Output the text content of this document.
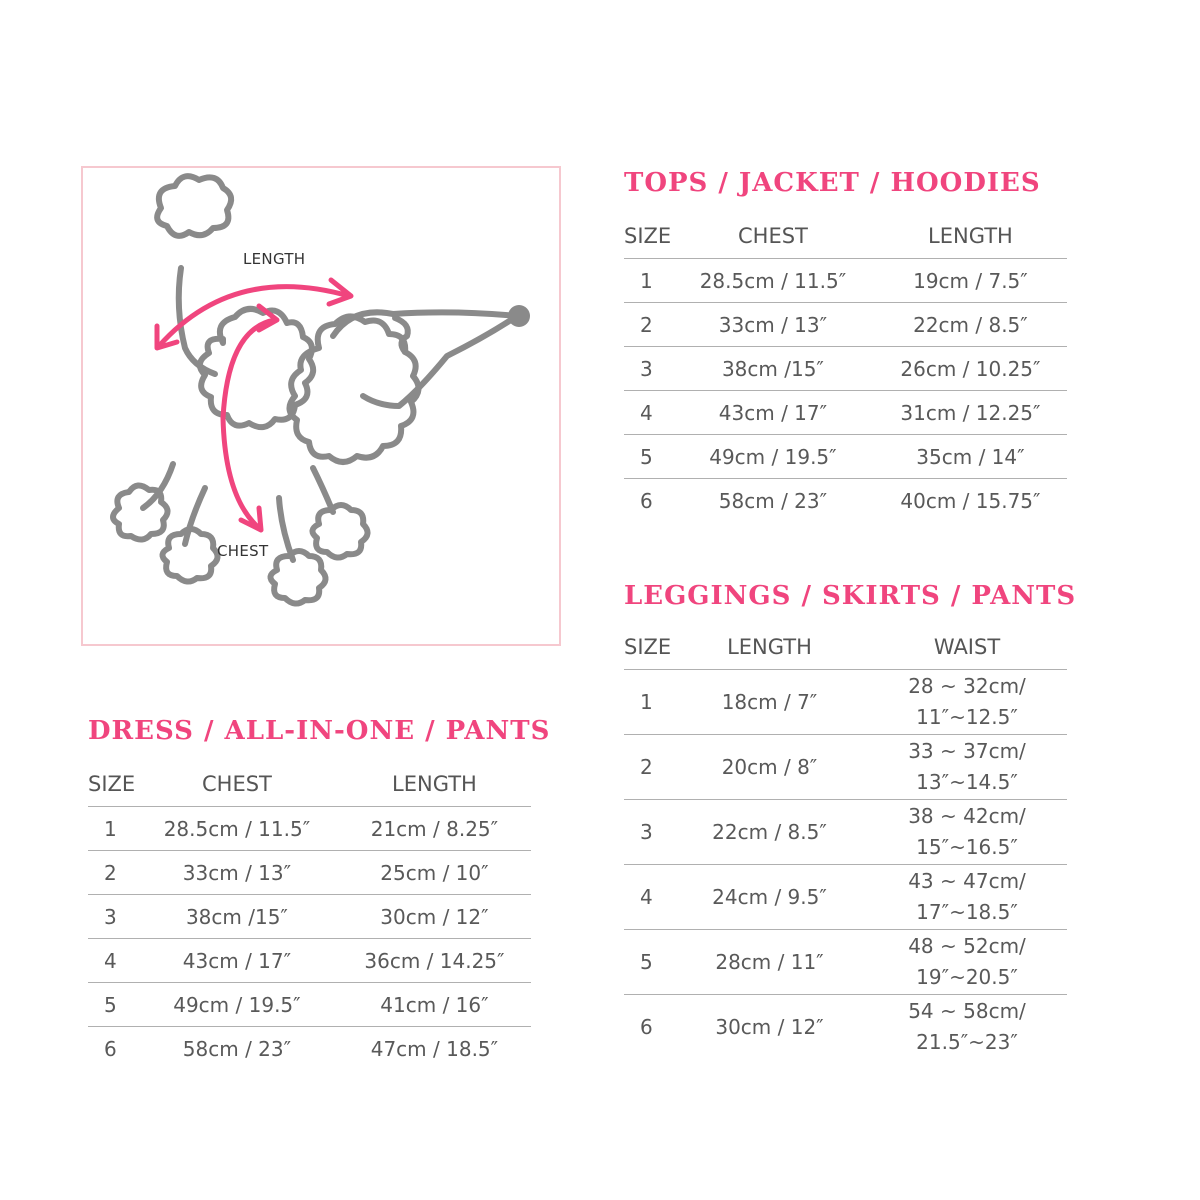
LENGTH
CHEST
TOPS / JACKET / HOODIES
SIZE	CHEST	LENGTH
1	28.5cm / 11.5″	19cm / 7.5″
2	33cm / 13″	22cm / 8.5″
3	38cm /15″	26cm / 10.25″
4	43cm / 17″	31cm / 12.25″
5	49cm / 19.5″	35cm / 14″
6	58cm / 23″	40cm / 15.75″
LEGGINGS / SKIRTS / PANTS
SIZE	LENGTH	WAIST
1	18cm / 7″	28 ~ 32cm/
11″~12.5″

2	20cm / 8″	33 ~ 37cm/
13″~14.5″

3	22cm / 8.5″	38 ~ 42cm/
15″~16.5″

4	24cm / 9.5″	43 ~ 47cm/
17″~18.5″

5	28cm / 11″	48 ~ 52cm/
19″~20.5″

6	30cm / 12″	54 ~ 58cm/
21.5″~23″
DRESS / ALL-IN-ONE / PANTS
SIZE	CHEST	LENGTH
1	28.5cm / 11.5″	21cm / 8.25″
2	33cm / 13″	25cm / 10″
3	38cm /15″	30cm / 12″
4	43cm / 17″	36cm / 14.25″
5	49cm / 19.5″	41cm / 16″
6	58cm / 23″	47cm / 18.5″
